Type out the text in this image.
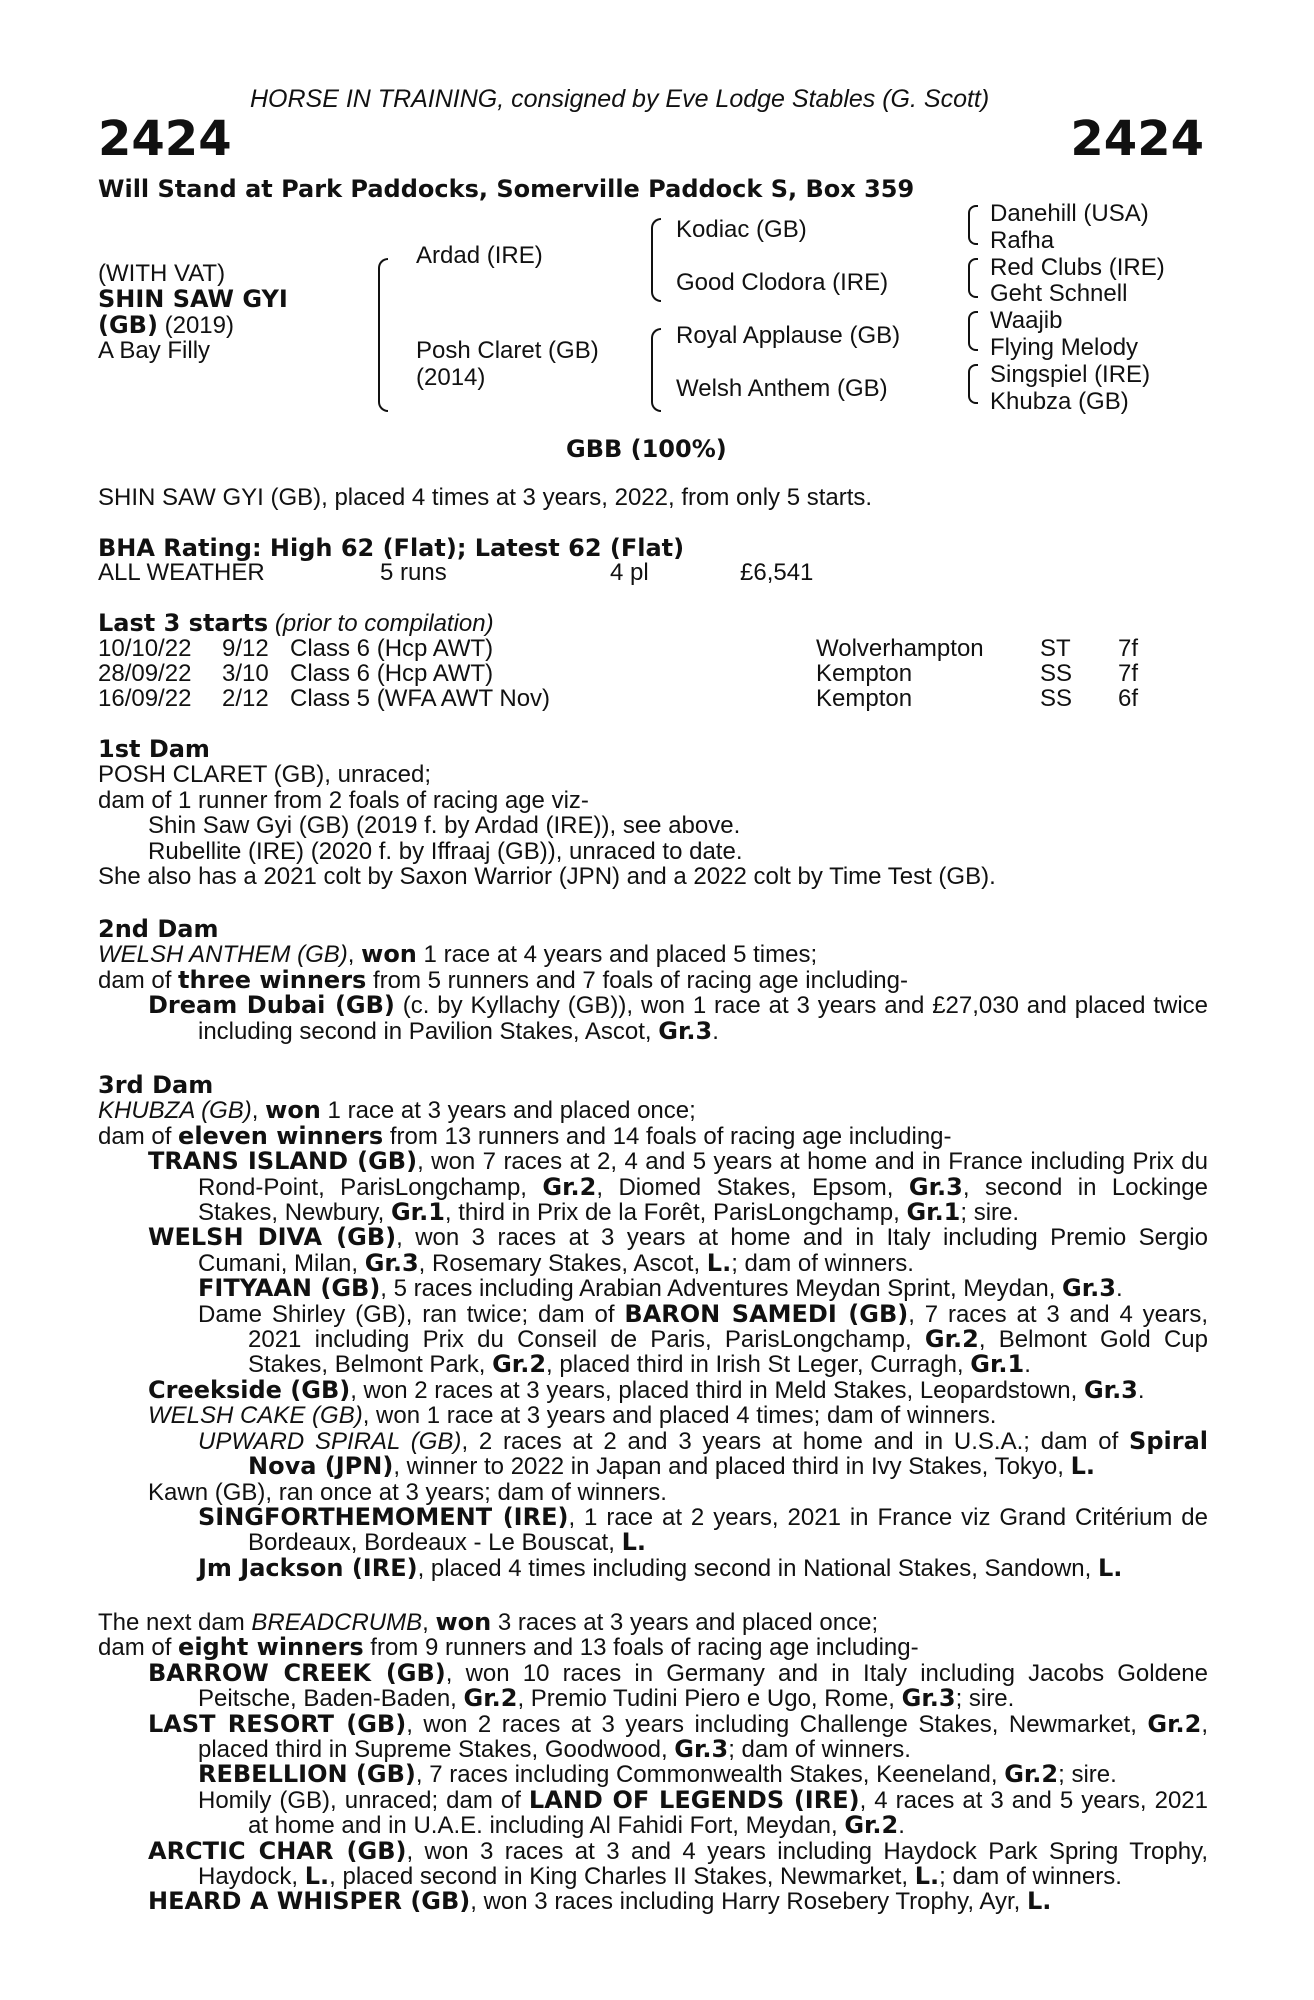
HORSE IN TRAINING, consigned by Eve Lodge Stables (G. Scott)
2424	2424
Will Stand at Park Paddocks, Somerville Paddock S, Box 359
(WITH VAT)
SHIN SAW GYI
(GB) (2019)
A Bay Filly
Ardad (IRE)
Posh Claret (GB)
(2014)
Kodiac (GB)
Good Clodora (IRE)
Royal Applause (GB)
Welsh Anthem (GB)
Danehill (USA)
Rafha
Red Clubs (IRE)
Geht Schnell
Waajib
Flying Melody
Singspiel (IRE)
Khubza (GB)
GBB (100%)
SHIN SAW GYI (GB), placed 4 times at 3 years, 2022, from only 5 starts.
BHA Rating: High 62 (Flat); Latest 62 (Flat)
ALL WEATHER	5 runs	4 pl	£6,541
Last 3 starts (prior to compilation)
10/10/22 9/12 Class 6 (Hcp AWT)	Wolverhampton ST 7f
28/09/22 3/10 Class 6 (Hcp AWT)	Kempton	SS 7f
16/09/22 2/12 Class 5 (WFA AWT Nov)	Kempton	SS 6f

1st Dam

POSH CLARET (GB), unraced;

dam of 1 runner from 2 foals of racing age viz-

Shin Saw Gyi (GB) (2019 f. by Ardad (IRE)), see above.

Rubellite (IRE) (2020 f. by Iffraaj (GB)), unraced to date.

She also has a 2021 colt by Saxon Warrior (JPN) and a 2022 colt by Time Test (GB).

2nd Dam

WELSH ANTHEM (GB), won 1 race at 4 years and placed 5 times;

dam of three winners from 5 runners and 7 foals of racing age including-

Dream Dubai (GB) (c. by Kyllachy (GB)), won 1 race at 3 years and £27,030 and placed twice including second in Pavilion Stakes, Ascot, Gr.3.

3rd Dam

KHUBZA (GB), won 1 race at 3 years and placed once;

dam of eleven winners from 13 runners and 14 foals of racing age including-

TRANS ISLAND (GB), won 7 races at 2, 4 and 5 years at home and in France including Prix du Rond-Point, ParisLongchamp, Gr.2, Diomed Stakes, Epsom, Gr.3, second in Lockinge Stakes, Newbury, Gr.1, third in Prix de la Forêt, ParisLongchamp, Gr.1; sire.

WELSH DIVA (GB), won 3 races at 3 years at home and in Italy including Premio Sergio Cumani, Milan, Gr.3, Rosemary Stakes, Ascot, L.; dam of winners.

FITYAAN (GB), 5 races including Arabian Adventures Meydan Sprint, Meydan, Gr.3.

Dame Shirley (GB), ran twice; dam of BARON SAMEDI (GB), 7 races at 3 and 4 years, 2021 including Prix du Conseil de Paris, ParisLongchamp, Gr.2, Belmont Gold Cup Stakes, Belmont Park, Gr.2, placed third in Irish St Leger, Curragh, Gr.1.

Creekside (GB), won 2 races at 3 years, placed third in Meld Stakes, Leopardstown, Gr.3.

WELSH CAKE (GB), won 1 race at 3 years and placed 4 times; dam of winners.

UPWARD SPIRAL (GB), 2 races at 2 and 3 years at home and in U.S.A.; dam of Spiral Nova (JPN), winner to 2022 in Japan and placed third in Ivy Stakes, Tokyo, L.

Kawn (GB), ran once at 3 years; dam of winners.

SINGFORTHEMOMENT (IRE), 1 race at 2 years, 2021 in France viz Grand Critérium de Bordeaux, Bordeaux - Le Bouscat, L.

Jm Jackson (IRE), placed 4 times including second in National Stakes, Sandown, L.

The next dam BREADCRUMB, won 3 races at 3 years and placed once;

dam of eight winners from 9 runners and 13 foals of racing age including-

BARROW CREEK (GB), won 10 races in Germany and in Italy including Jacobs Goldene Peitsche, Baden-Baden, Gr.2, Premio Tudini Piero e Ugo, Rome, Gr.3; sire.

LAST RESORT (GB), won 2 races at 3 years including Challenge Stakes, Newmarket, Gr.2, placed third in Supreme Stakes, Goodwood, Gr.3; dam of winners.

REBELLION (GB), 7 races including Commonwealth Stakes, Keeneland, Gr.2; sire.

Homily (GB), unraced; dam of LAND OF LEGENDS (IRE), 4 races at 3 and 5 years, 2021 at home and in U.A.E. including Al Fahidi Fort, Meydan, Gr.2.

ARCTIC CHAR (GB), won 3 races at 3 and 4 years including Haydock Park Spring Trophy, Haydock, L., placed second in King Charles II Stakes, Newmarket, L.; dam of winners.

HEARD A WHISPER (GB), won 3 races including Harry Rosebery Trophy, Ayr, L.
